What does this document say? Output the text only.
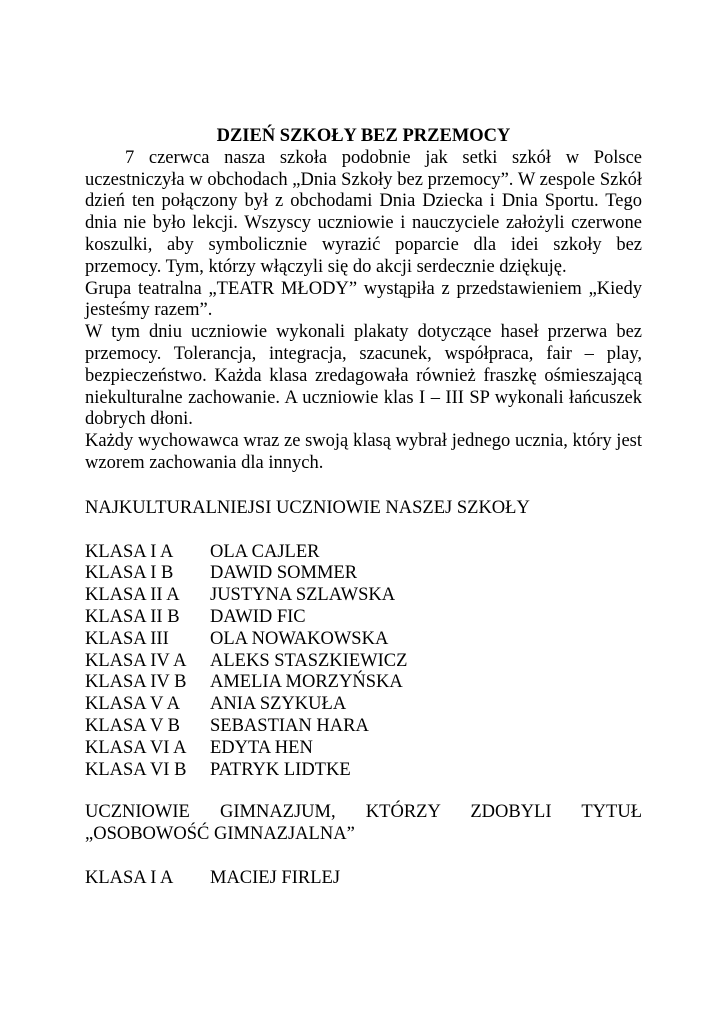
DZIEŃ SZKOŁY BEZ PRZEMOCY

7 czerwca nasza szkoła podobnie jak setki szkół w Polsce uczestniczyła w obchodach „Dnia Szkoły bez przemocy”. W zespole Szkół dzień ten połączony był z obchodami Dnia Dziecka i Dnia Sportu. Tego dnia nie było lekcji. Wszyscy uczniowie i nauczyciele założyli czerwone koszulki, aby symbolicznie wyrazić poparcie dla idei szkoły bez przemocy. Tym, którzy włączyli się do akcji serdecznie dziękuję.

Grupa teatralna „TEATR MŁODY” wystąpiła z przedstawieniem „Kiedy jesteśmy razem”.

W tym dniu uczniowie wykonali plakaty dotyczące haseł przerwa bez przemocy. Tolerancja, integracja, szacunek, współpraca, fair – play, bezpieczeństwo. Każda klasa zredagowała również fraszkę ośmieszającą niekulturalne zachowanie. A uczniowie klas I – III SP wykonali łańcuszek dobrych dłoni.

Każdy wychowawca wraz ze swoją klasą wybrał jednego ucznia, który jest wzorem zachowania dla innych.

NAJKULTURALNIEJSI UCZNIOWIE NASZEJ SZKOŁY

KLASA I A	OLA CAJLER
KLASA I B	DAWID SOMMER
KLASA II A	JUSTYNA SZLAWSKA
KLASA II B	DAWID FIC
KLASA III	OLA NOWAKOWSKA
KLASA IV A	ALEKS STASZKIEWICZ
KLASA IV B	AMELIA MORZYŃSKA
KLASA V A	ANIA SZYKUŁA
KLASA V B	SEBASTIAN HARA
KLASA VI A	EDYTA HEN
KLASA VI B	PATRYK LIDTKE
UCZNIOWIE GIMNAZJUM, KTÓRZY ZDOBYLI TYTUŁ
„OSOBOWOŚĆ GIMNAZJALNA”
KLASA I A	MACIEJ FIRLEJ
